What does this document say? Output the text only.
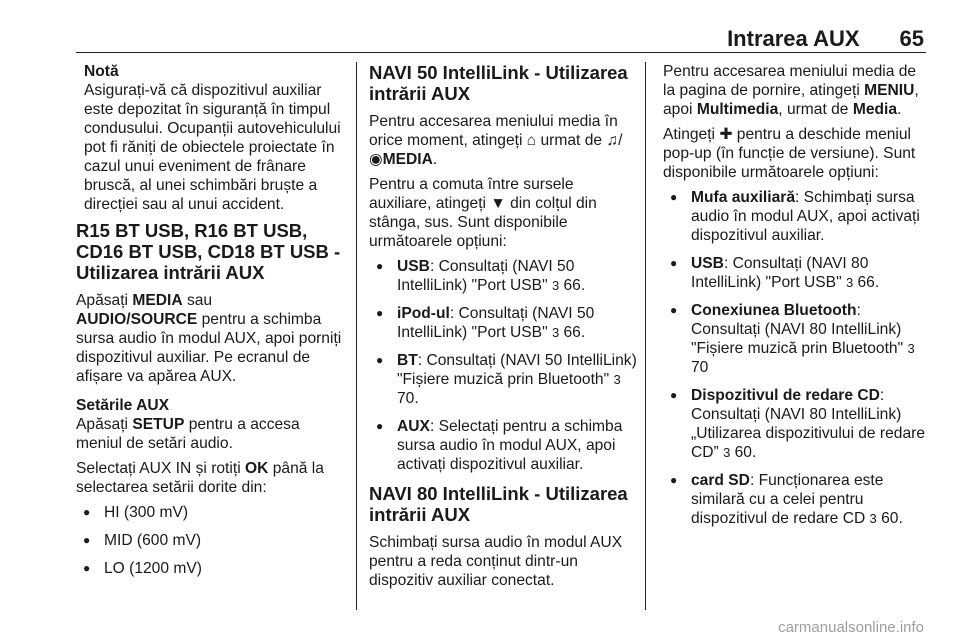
Intrarea AUX 65
Notă
Asigurați-vă că dispozitivul auxiliar este depozitat în siguranță în timpul condusului. Ocupanții autovehiculului pot fi răniți de obiectele proiectate în cazul unui eveniment de frânare bruscă, al unei schimbări bruște a direcției sau al unui accident.
R15 BT USB, R16 BT USB, CD16 BT USB, CD18 BT USB - Utilizarea intrării AUX

Apăsați MEDIA sau
AUDIO/SOURCE pentru a schimba sursa audio în modul AUX, apoi porniți dispozitivul auxiliar. Pe ecranul de afișare va apărea AUX.

Setările AUX

Apăsați SETUP pentru a accesa meniul de setări audio.

Selectați AUX IN și rotiți OK până la selectarea setării dorite din:

● HI (300 mV)
● MID (600 mV)
● LO (1200 mV)
NAVI 50 IntelliLink - Utilizarea intrării AUX

Pentru accesarea meniului media în orice moment, atingeți ⌂ urmat de ♫/
◉MEDIA.

Pentru a comuta între sursele auxiliare, atingeți ▼ din colțul din stânga, sus. Sunt disponibile următoarele opțiuni:

● USB: Consultați (NAVI 50 IntelliLink) "Port USB" 3 66.
● iPod-ul: Consultați (NAVI 50 IntelliLink) "Port USB" 3 66.
● BT: Consultați (NAVI 50 IntelliLink) "Fișiere muzică prin Bluetooth" 3 70.
● AUX: Selectați pentru a schimba sursa audio în modul AUX, apoi activați dispozitivul auxiliar.
NAVI 80 IntelliLink - Utilizarea intrării AUX

Schimbați sursa audio în modul AUX pentru a reda conținut dintr-un dispozitiv auxiliar conectat.

Pentru accesarea meniului media de la pagina de pornire, atingeți MENIU, apoi Multimedia, urmat de Media.

Atingeți ✚ pentru a deschide meniul pop-up (în funcție de versiune). Sunt disponibile următoarele opțiuni:

● Mufa auxiliară: Schimbați sursa audio în modul AUX, apoi activați dispozitivul auxiliar.
● USB: Consultați (NAVI 80 IntelliLink) "Port USB" 3 66.
● Conexiunea Bluetooth: Consultați (NAVI 80 IntelliLink) "Fișiere muzică prin Bluetooth" 3 70
● Dispozitivul de redare CD: Consultați (NAVI 80 IntelliLink) „Utilizarea dispozitivului de redare CD” 3 60.
● card SD: Funcționarea este similară cu a celei pentru dispozitivul de redare CD 3 60.
carmanualsonline.info
